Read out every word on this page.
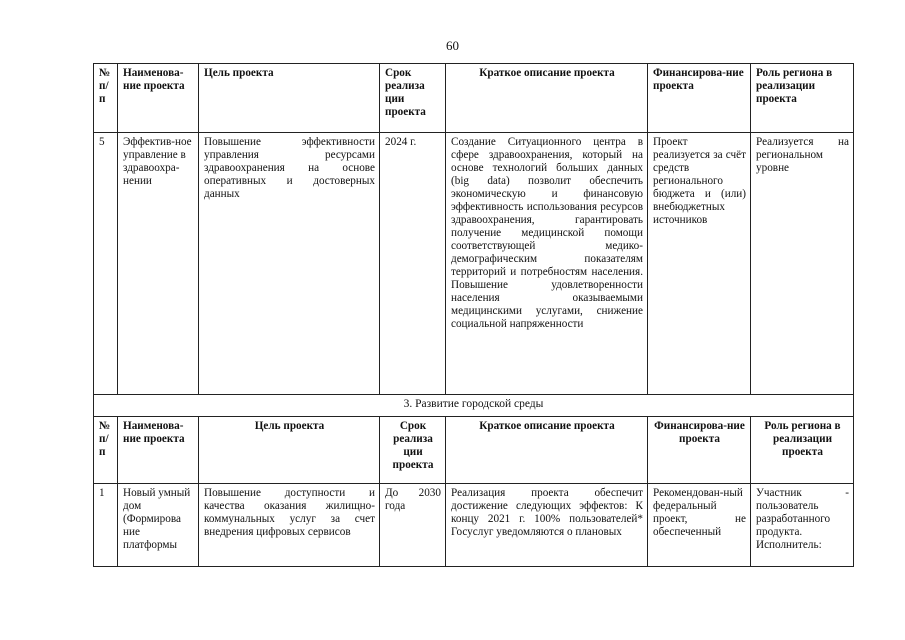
60
№ п/п	Наименова-ние проекта	Цель проекта	Срок реализа ции проекта	Краткое описание проекта	Финансирова-ние проекта	Роль региона в реализации проекта
5	Эффектив-ное управление в здравоохра-нении	Повышение эффективности управления ресурсами здравоохранения на основе оперативных и достоверных данных	2024 г.	Создание Ситуационного центра в сфере здравоохранения, который на основе технологий больших данных (big data) позволит обеспечить экономическую и финансовую эффективность использования ресурсов здравоохранения, гарантировать получение медицинской помощи соответствующей медико-демографическим показателям территорий и потребностям населения. Повышение удовлетворенности населения оказываемыми медицинскими услугами, снижение социальной напряженности	Проект реализуется за счёт средств регионального бюджета и (или) внебюджетных источников	Реализуется на региональном уровне
3. Развитие городской среды						
№ п/п	Наименова-ние проекта	Цель проекта	Срок реализа ции проекта	Краткое описание проекта	Финансирова-ние проекта	Роль региона в реализации проекта
1	Новый умный дом (Формирова ние платформы	Повышение доступности и качества оказания жилищно-коммунальных услуг за счет внедрения цифровых сервисов	До 2030 года	Реализация проекта обеспечит достижение следующих эффектов: К концу 2021 г. 100% пользователей* Госуслуг уведомляются о плановых	Рекомендован-ный федеральный проект, не обеспеченный	Участник - пользователь разработанного продукта. Исполнитель:
